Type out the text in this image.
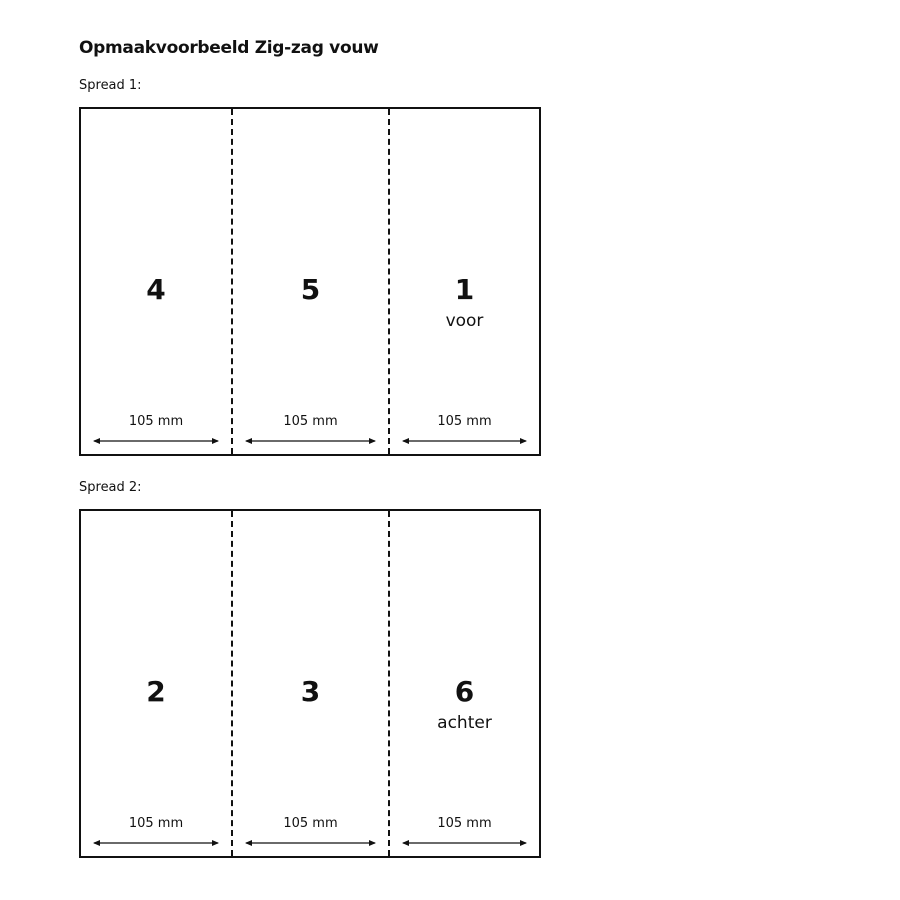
Opmaakvoorbeeld Zig-zag vouw
Spread 1:
4
105 mm
5
105 mm
1
voor
105 mm
Spread 2:
2
105 mm
3
105 mm
6
achter
105 mm
